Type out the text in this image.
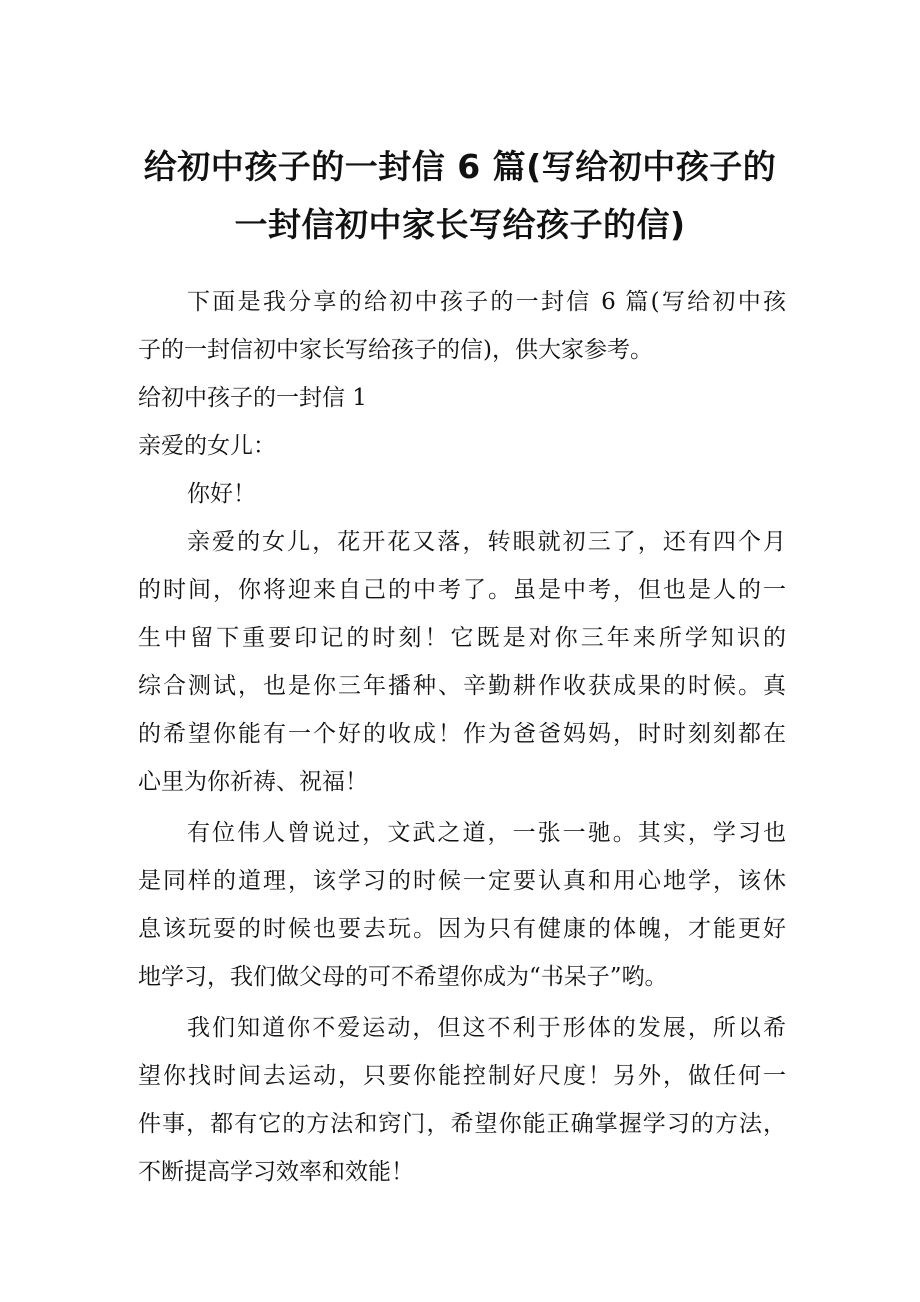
给初中孩子的一封信 6 篇(写给初中孩子的
一封信初中家长写给孩子的信)
下面是我分享的给初中孩子的一封信 6 篇(写给初中孩
子的一封信初中家长写给孩子的信)，供大家参考。
给初中孩子的一封信 1
亲爱的女儿：
你好！
亲爱的女儿，花开花又落，转眼就初三了，还有四个月
的时间，你将迎来自己的中考了。虽是中考，但也是人的一
生中留下重要印记的时刻！它既是对你三年来所学知识的
综合测试，也是你三年播种、辛勤耕作收获成果的时候。真
的希望你能有一个好的收成！作为爸爸妈妈，时时刻刻都在
心里为你祈祷、祝福！
有位伟人曾说过，文武之道，一张一驰。其实，学习也
是同样的道理，该学习的时候一定要认真和用心地学，该休
息该玩耍的时候也要去玩。因为只有健康的体魄，才能更好
地学习，我们做父母的可不希望你成为“书呆子”哟。
我们知道你不爱运动，但这不利于形体的发展，所以希
望你找时间去运动，只要你能控制好尺度！另外，做任何一
件事，都有它的方法和窍门，希望你能正确掌握学习的方法，
不断提高学习效率和效能！
